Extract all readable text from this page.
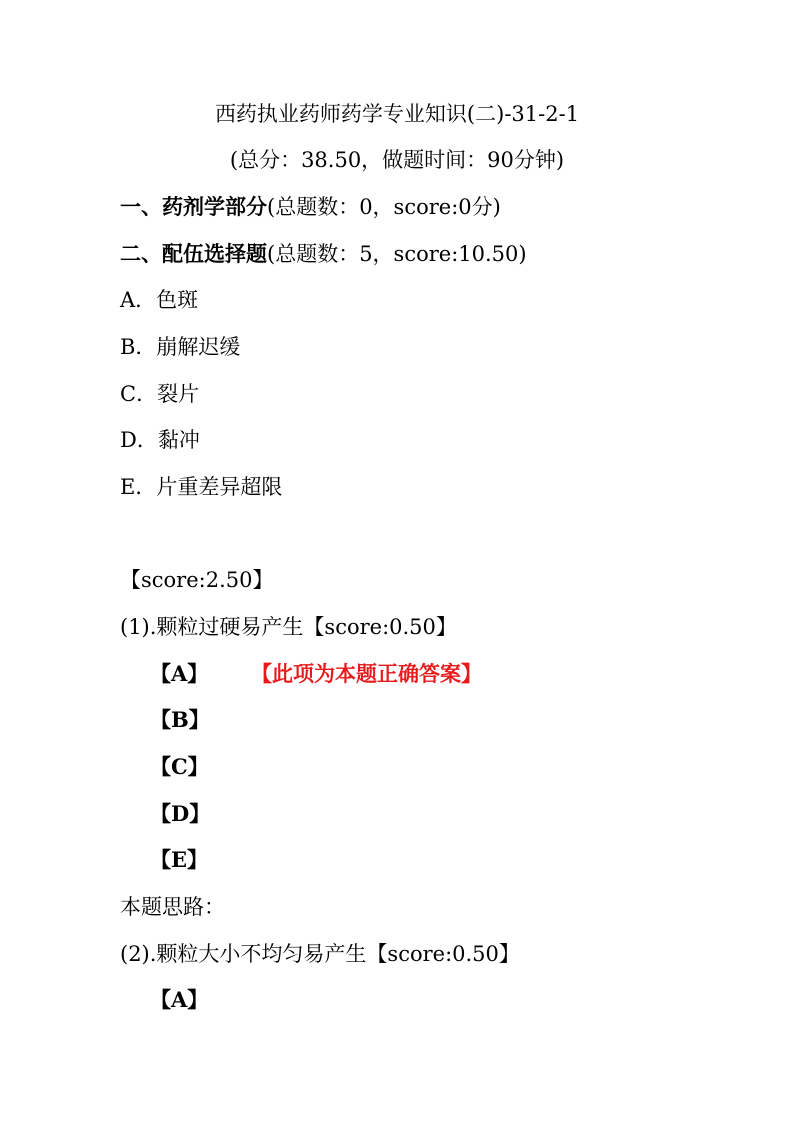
西药执业药师药学专业知识(二)-31-2-1
(总分：38.50，做题时间：90分钟)
一、药剂学部分(总题数：0，score:0分)
二、配伍选择题(总题数：5，score:10.50)
A．色斑
B．崩解迟缓
C．裂片
D．黏冲
E．片重差异超限
【score:2.50】
(1).颗粒过硬易产生【score:0.50】
【A】 【此项为本题正确答案】
【B】
【C】
【D】
【E】
本题思路：
(2).颗粒大小不均匀易产生【score:0.50】
【A】
